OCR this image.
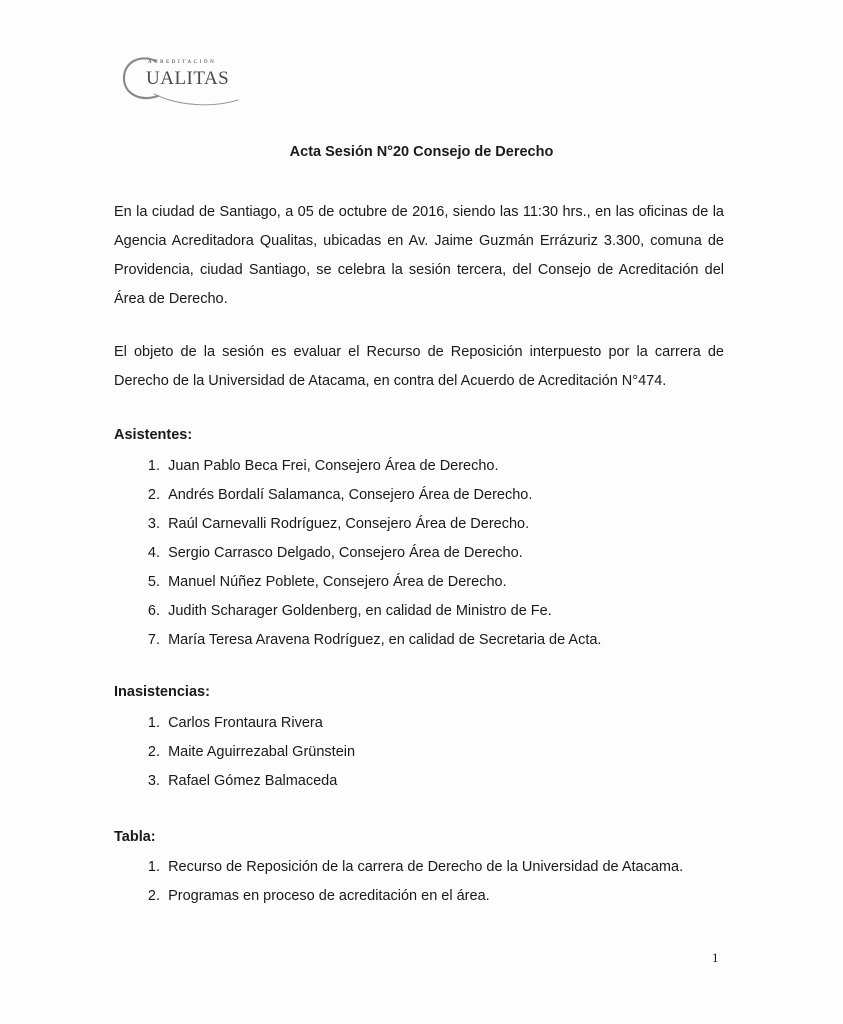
ACREDITACIÓN
UALITAS
Acta Sesión N°20 Consejo de Derecho

En la ciudad de Santiago, a 05 de octubre de 2016, siendo las 11:30 hrs., en las oficinas de la Agencia Acreditadora Qualitas, ubicadas en Av. Jaime Guzmán Errázuriz 3.300, comuna de Providencia, ciudad Santiago, se celebra la sesión tercera, del Consejo de Acreditación del Área de Derecho.

El objeto de la sesión es evaluar el Recurso de Reposición interpuesto por la carrera de Derecho de la Universidad de Atacama, en contra del Acuerdo de Acreditación N°474.

Asistentes:
1. Juan Pablo Beca Frei, Consejero Área de Derecho.
2. Andrés Bordalí Salamanca, Consejero Área de Derecho.
3. Raúl Carnevalli Rodríguez, Consejero Área de Derecho.
4. Sergio Carrasco Delgado, Consejero Área de Derecho.
5. Manuel Núñez Poblete, Consejero Área de Derecho.
6. Judith Scharager Goldenberg, en calidad de Ministro de Fe.
7. María Teresa Aravena Rodríguez, en calidad de Secretaria de Acta.
Inasistencias:
1. Carlos Frontaura Rivera
2. Maite Aguirrezabal Grünstein
3. Rafael Gómez Balmaceda
Tabla:
1. Recurso de Reposición de la carrera de Derecho de la Universidad de Atacama.
2. Programas en proceso de acreditación en el área.
1
